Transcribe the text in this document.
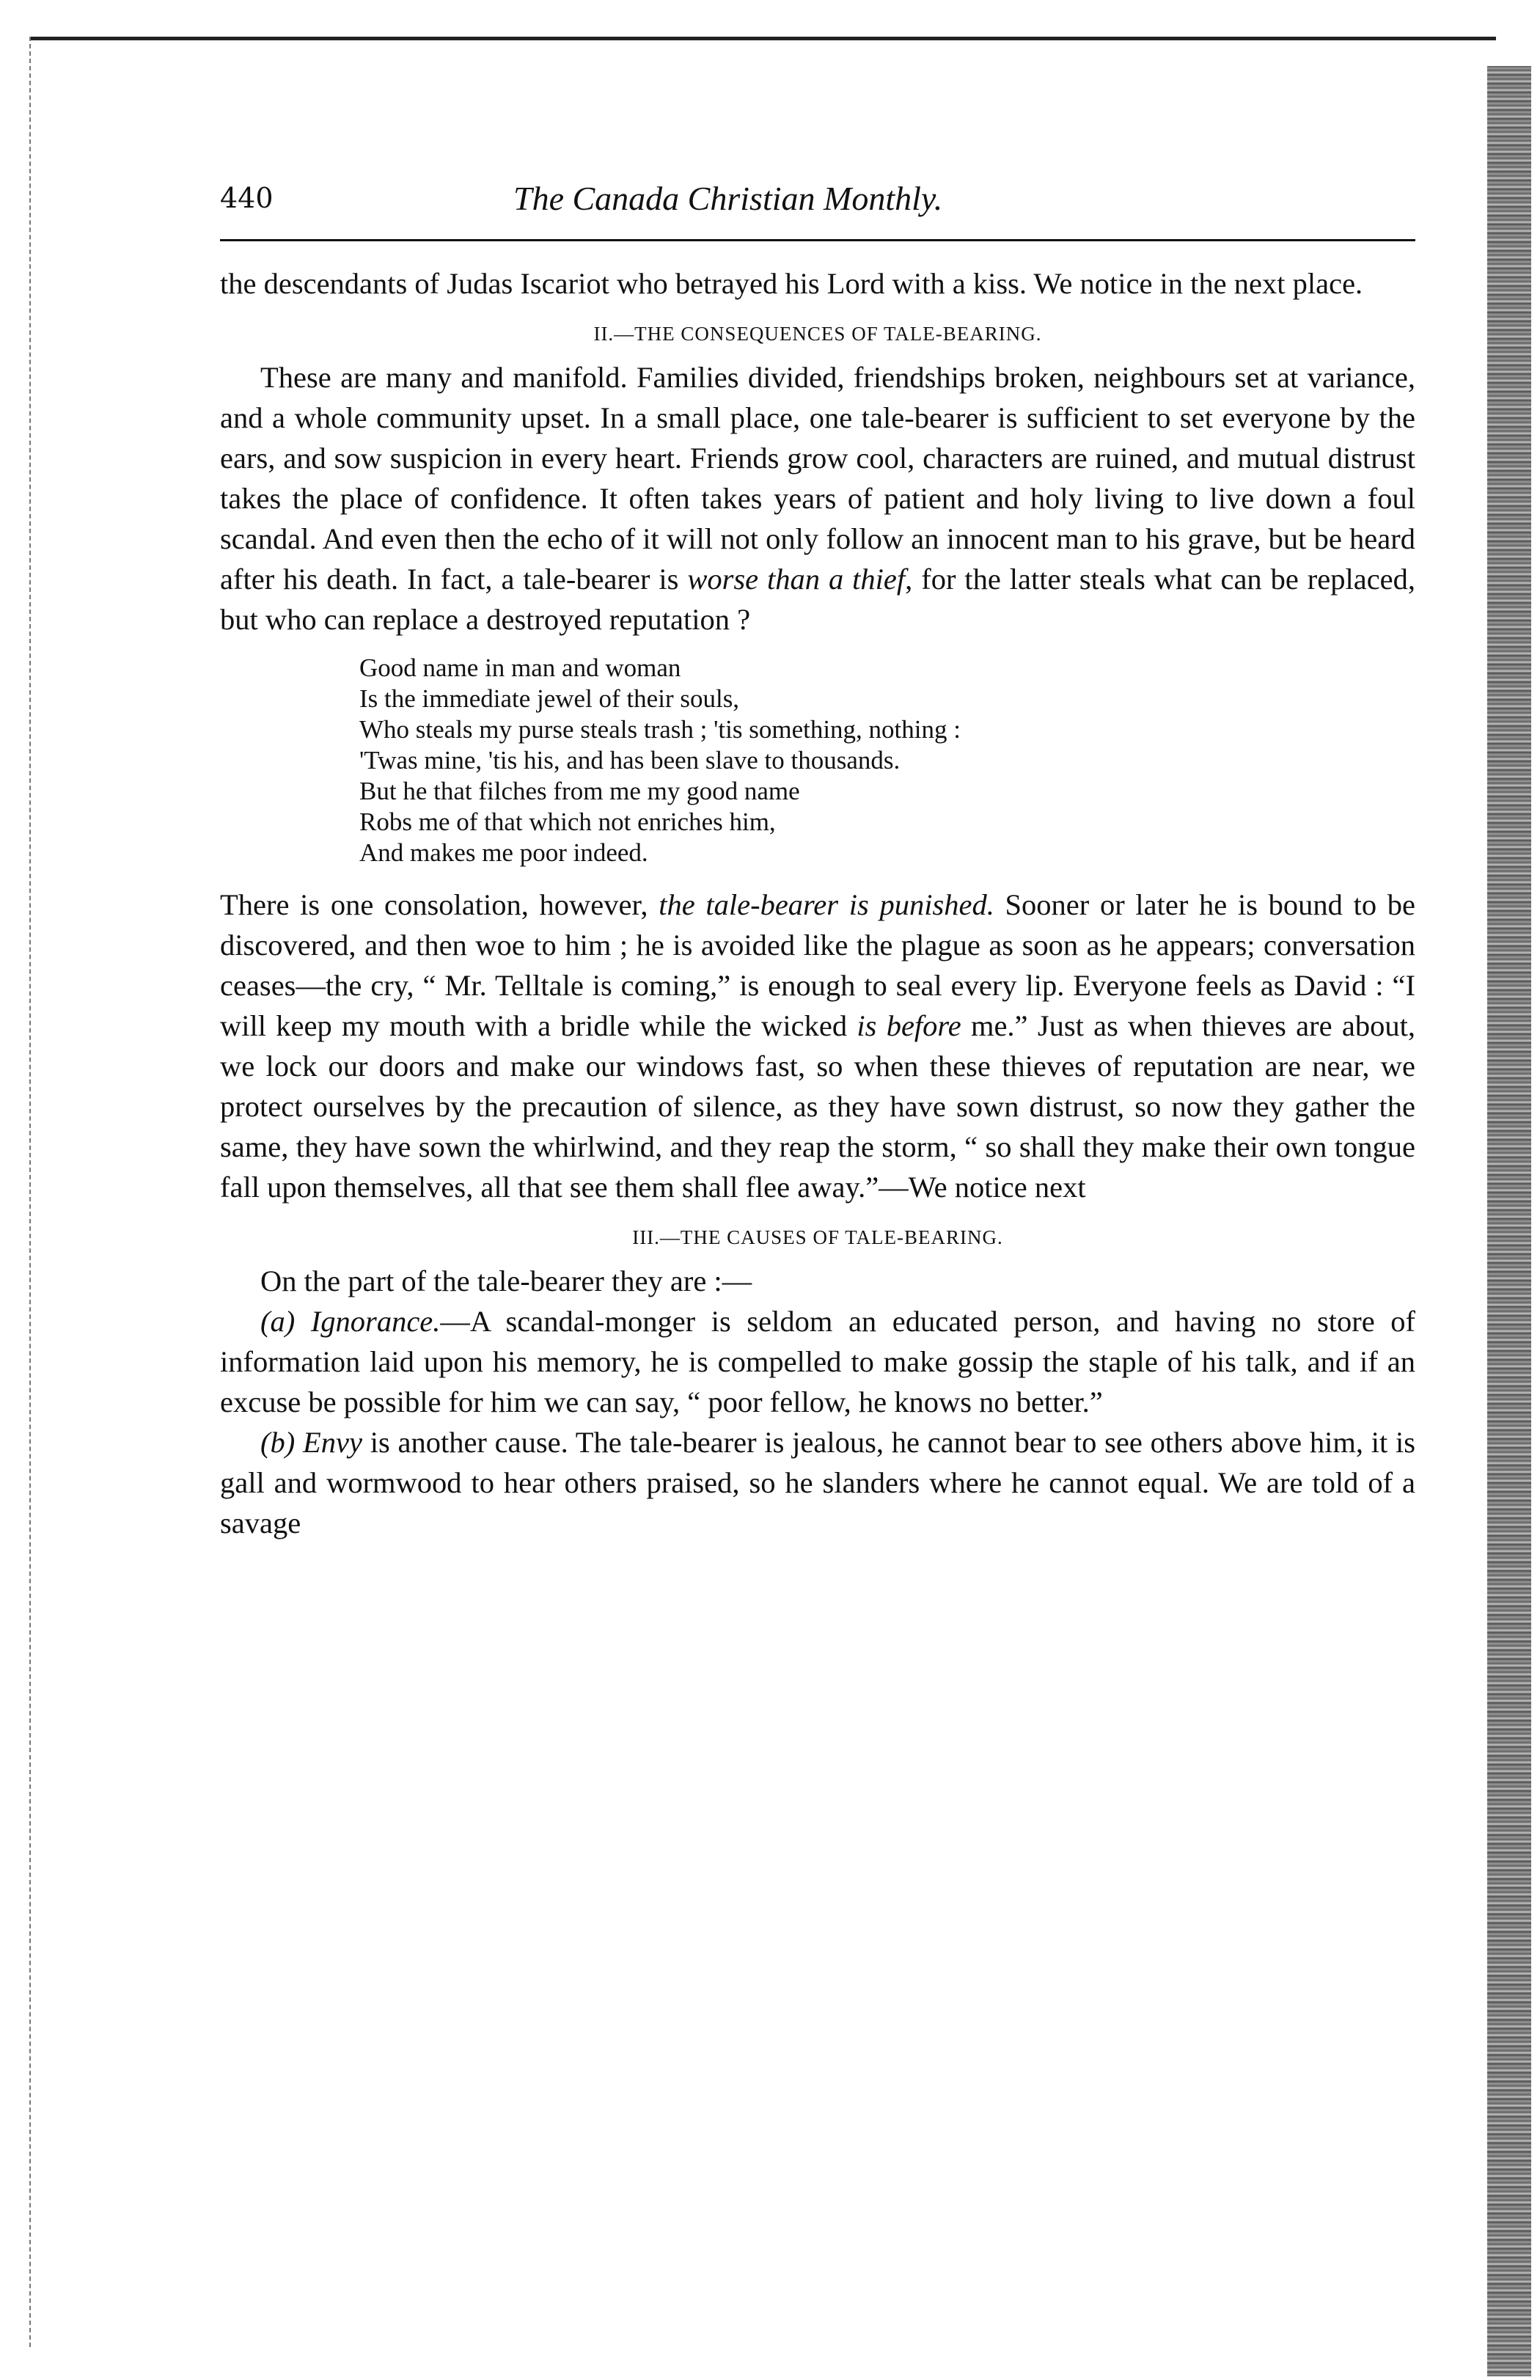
440	The Canada Christian Monthly.

the descendants of Judas Iscariot who betrayed his Lord with a kiss. We notice in the next place.

II.—THE CONSEQUENCES OF TALE-BEARING.

These are many and manifold. Families divided, friendships broken, neighbours set at variance, and a whole community upset. In a small place, one tale-bearer is sufficient to set everyone by the ears, and sow suspicion in every heart. Friends grow cool, characters are ruined, and mutual distrust takes the place of confidence. It often takes years of patient and holy living to live down a foul scandal. And even then the echo of it will not only follow an innocent man to his grave, but be heard after his death. In fact, a tale-bearer is worse than a thief, for the latter steals what can be replaced, but who can replace a destroyed reputation ?

Good name in man and woman
Is the immediate jewel of their souls,
Who steals my purse steals trash ; 'tis something, nothing :
'Twas mine, 'tis his, and has been slave to thousands.
But he that filches from me my good name
Robs me of that which not enriches him,
And makes me poor indeed.

There is one consolation, however, the tale-bearer is punished. Sooner or later he is bound to be discovered, and then woe to him ; he is avoided like the plague as soon as he appears; conversation ceases—the cry, “ Mr. Telltale is coming,” is enough to seal every lip. Everyone feels as David : “I will keep my mouth with a bridle while the wicked is before me.” Just as when thieves are about, we lock our doors and make our windows fast, so when these thieves of reputation are near, we protect ourselves by the precaution of silence, as they have sown distrust, so now they gather the same, they have sown the whirlwind, and they reap the storm, “ so shall they make their own tongue fall upon themselves, all that see them shall flee away.”—We notice next

III.—THE CAUSES OF TALE-BEARING.

On the part of the tale-bearer they are :—

(a) Ignorance.—A scandal-monger is seldom an educated person, and having no store of information laid upon his memory, he is compelled to make gossip the staple of his talk, and if an excuse be possible for him we can say, “ poor fellow, he knows no better.”

(b) Envy is another cause. The tale-bearer is jealous, he cannot bear to see others above him, it is gall and wormwood to hear others praised, so he slanders where he cannot equal. We are told of a savage
